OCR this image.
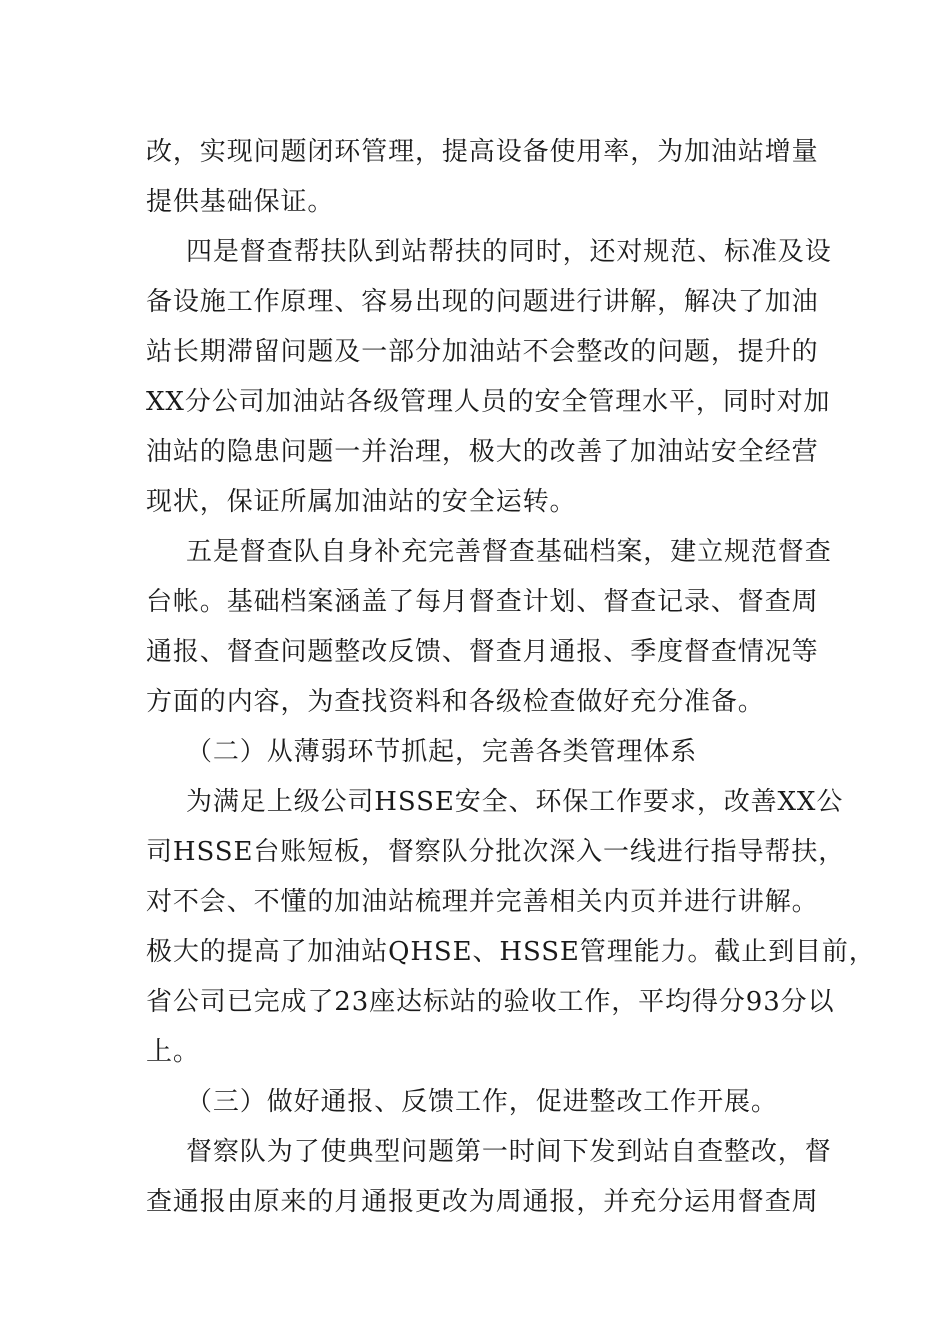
改，实现问题闭环管理，提高设备使用率，为加油站增量
提供基础保证。
四是督查帮扶队到站帮扶的同时，还对规范、标准及设
备设施工作原理、容易出现的问题进行讲解，解决了加油
站长期滞留问题及一部分加油站不会整改的问题，提升的
XX分公司加油站各级管理人员的安全管理水平，同时对加
油站的隐患问题一并治理，极大的改善了加油站安全经营
现状，保证所属加油站的安全运转。
五是督查队自身补充完善督查基础档案，建立规范督查
台帐。基础档案涵盖了每月督查计划、督查记录、督查周
通报、督查问题整改反馈、督查月通报、季度督查情况等
方面的内容，为查找资料和各级检查做好充分准备。
（二）从薄弱环节抓起，完善各类管理体系
为满足上级公司HSSE安全、环保工作要求，改善XX公
司HSSE台账短板，督察队分批次深入一线进行指导帮扶，
对不会、不懂的加油站梳理并完善相关内页并进行讲解。
极大的提高了加油站QHSE、HSSE管理能力。截止到目前，
省公司已完成了23座达标站的验收工作，平均得分93分以
上。
（三）做好通报、反馈工作，促进整改工作开展。
督察队为了使典型问题第一时间下发到站自查整改，督
查通报由原来的月通报更改为周通报，并充分运用督查周
